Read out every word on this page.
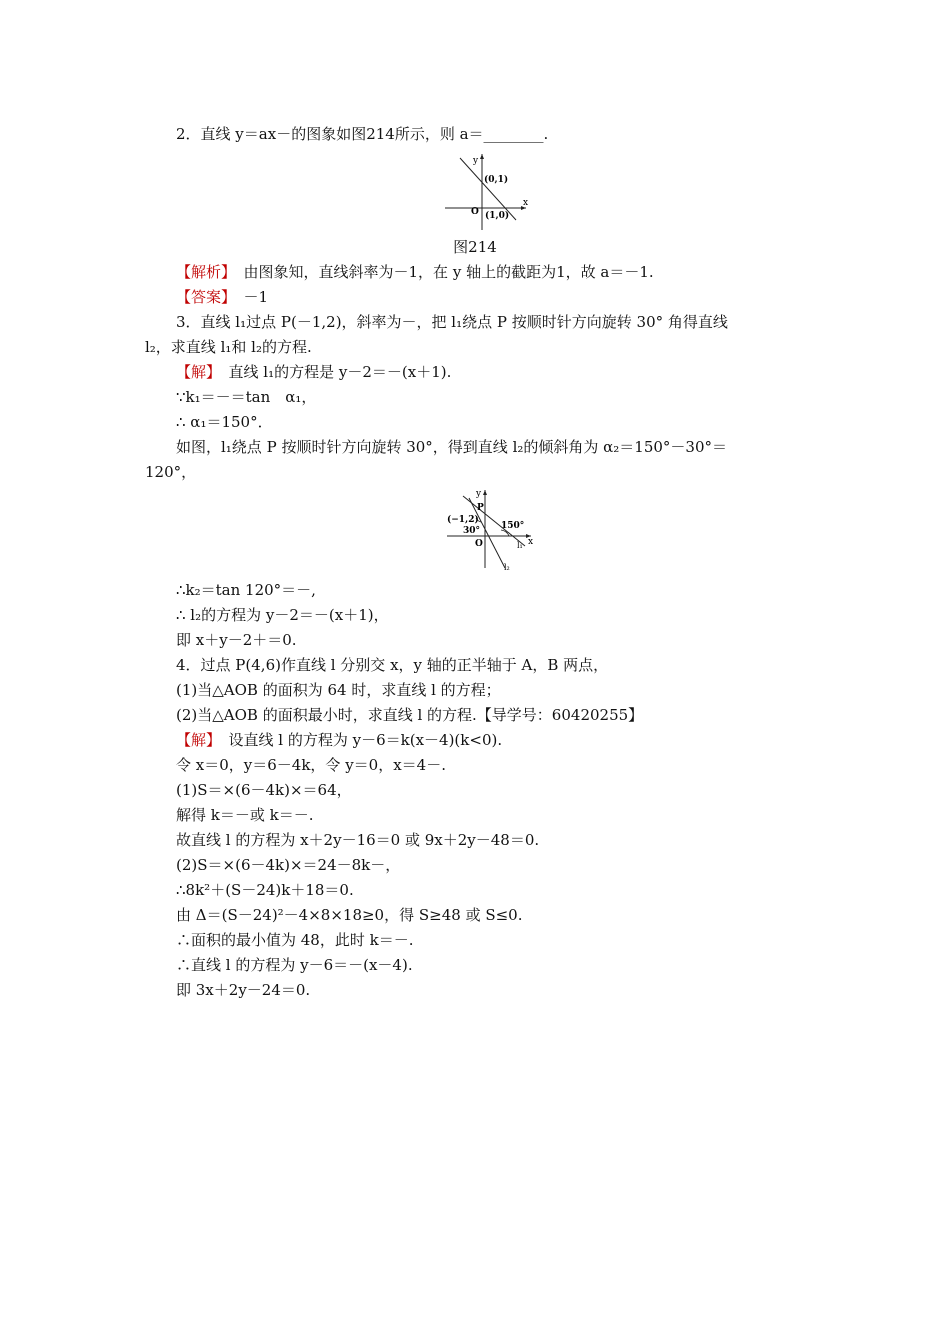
2．直线 y＝ax－的图象如图214所示，则 a＝________.
y
x
O
(0,1)
(1,0)
图214
【解析】　由图象知，直线斜率为－1，在 y 轴上的截距为1，故 a＝－1.
【答案】　－1
3．直线 l₁过点 P(－1,2)，斜率为－，把 l₁绕点 P 按顺时针方向旋转 30° 角得直线
l₂，求直线 l₁和 l₂的方程.
【解】　直线 l₁的方程是 y－2＝－(x＋1).
∵k₁＝－＝tan　α₁，
∴ α₁＝150°．
如图，l₁绕点 P 按顺时针方向旋转 30°，得到直线 l₂的倾斜角为 α₂＝150°－30°＝
120°，
y
x
O
P
(−1,2)
30° 150°
l₁
l₂
∴k₂＝tan 120°＝－,
∴ l₂的方程为 y－2＝－(x＋1)，
即 x＋y－2＋＝0.
4．过点 P(4,6)作直线 l 分别交 x，y 轴的正半轴于 A，B 两点，
(1)当△AOB 的面积为 64 时，求直线 l 的方程；
(2)当△AOB 的面积最小时，求直线 l 的方程.【导学号：60420255】
【解】　设直线 l 的方程为 y－6＝k(x－4)(k<0).
令 x＝0，y＝6－4k，令 y＝0，x＝4－.
(1)S＝×(6－4k)×＝64，
解得 k＝－或 k＝－.
故直线 l 的方程为 x＋2y－16＝0 或 9x＋2y－48＝0.
(2)S＝×(6－4k)×＝24－8k－，
∴8k²＋(S－24)k＋18＝0.
由 Δ＝(S－24)²－4×8×18≥0，得 S≥48 或 S≤0.
∴面积的最小值为 48，此时 k＝－.
∴直线 l 的方程为 y－6＝－(x－4).
即 3x＋2y－24＝0.
